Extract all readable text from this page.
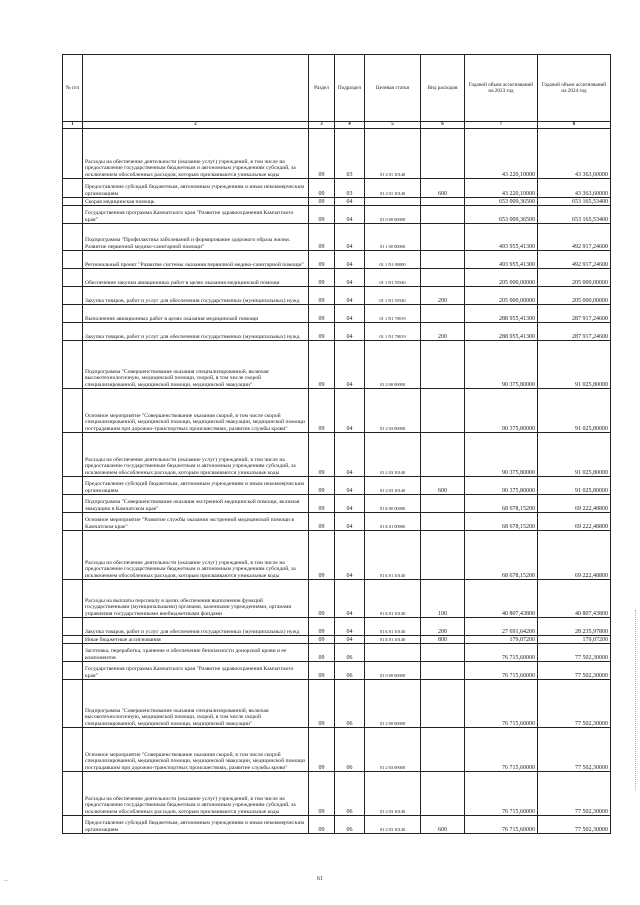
№ п/п		Раздел	Подраздел	Целевая статья	Вид расходов	Годовой объем ассигнований на 2023 год	Годовой объем ассигнований на 2024 год
1	2	3	4	5	6	7	8
	Расходы на обеспечение деятельности (оказание услуг) учреждений, в том числе на предоставление государственным бюджетным и автономным учреждениям субсидий, за исключением обособленных расходов, которым присваиваются уникальные коды	09	03	01 2 01 10140		43 220,10000	43 363,60000
	Предоставление субсидий бюджетным, автономным учреждениям и иным некоммерческим организациям	09	03	01 2 01 10140	600	43 220,10000	43 363,60000
	Скорая медицинская помощь	09	04			653 009,36500	653 165,53400
	Государственная программа Камчатского края "Развитие здравоохранения Камчатского края"	09	04	01 0 00 00000		653 009,36500	653 165,53400
	Подпрограмма "Профилактика заболеваний и формирование здорового образа жизни. Развитие первичной медико-санитарной помощи"	09	04	01 1 00 00000		493 955,41300	492 917,24600
	Региональный проект "Развитие системы оказания первичной медико-санитарной помощи"	09	04	01 1 N1 00000		493 955,41300	492 917,24600
	Обеспечение закупки авиационных работ в целях оказания медицинской помощи	09	04	01 1 N1 55540		205 000,00000	205 000,00000
	Закупка товаров, работ и услуг для обеспечения государственных (муниципальных) нужд	09	04	01 1 N1 55540	200	205 000,00000	205 000,00000
	Выполнение авиационных работ в целях оказания медицинской помощи	09	04	01 1 N1 70019		288 955,41300	287 917,24600
	Закупка товаров, работ и услуг для обеспечения государственных (муниципальных) нужд	09	04	01 1 N1 70019	200	288 955,41300	287 917,24600
	Подпрограмма "Совершенствование оказания специализированной, включая высокотехнологичную, медицинской помощи, скорой, в том числе скорой специализированной, медицинской помощи, медицинской эвакуации"	09	04	01 2 00 00000		90 375,80000	91 025,80000
	Основное мероприятие "Совершенствование оказания скорой, в том числе скорой специализированной, медицинской помощи, медицинской эвакуации, медицинской помощи пострадавшим при дорожно-транспортных происшествиях, развитие службы крови"	09	04	01 2 03 00000		90 375,80000	91 025,80000
	Расходы на обеспечение деятельности (оказание услуг) учреждений, в том числе на предоставление государственным бюджетным и автономным учреждениям субсидий, за исключением обособленных расходов, которым присваиваются уникальные коды	09	04	01 2 03 10140		90 375,80000	91 025,80000
	Предоставление субсидий бюджетным, автономным учреждениям и иным некоммерческим организациям	09	04	01 2 03 10140	600	90 375,80000	91 025,80000
	Подпрограмма "Совершенствование оказания экстренной медицинской помощи, включая эвакуацию в Камчатском крае"	09	04	01 Б 00 00000		68 678,15200	69 222,48800
	Основное мероприятие "Развитие службы оказания экстренной медицинской помощи в Камчатском крае"	09	04	01 Б 01 00000		68 678,15200	69 222,48800
	Расходы на обеспечение деятельности (оказание услуг) учреждений, в том числе на предоставление государственным бюджетным и автономным учреждениям субсидий, за исключением обособленных расходов, которым присваиваются уникальные коды	09	04	01 Б 01 10140		68 678,15200	69 222,48800
	Расходы на выплаты персоналу в целях обеспечения выполнения функций государственными (муниципальными) органами, казенными учреждениями, органами управления государственными внебюджетными фондами	09	04	01 Б 01 10140	100	40 807,43800	40 807,43800
	Закупка товаров, работ и услуг для обеспечения государственных (муниципальных) нужд	09	04	01 Б 01 10140	200	27 691,64200	28 235,97800
	Иные бюджетные ассигнования	09	04	01 Б 01 10140	800	179,07200	179,07200
	Заготовка, переработка, хранение и обеспечение безопасности донорской крови и ее компонентов	09	06			76 715,60000	77 502,30000
	Государственная программа Камчатского края "Развитие здравоохранения Камчатского края"	09	06	01 0 00 00000		76 715,60000	77 502,30000
	Подпрограмма "Совершенствование оказания специализированной, включая высокотехнологичную, медицинской помощи, скорой, в том числе скорой специализированной, медицинской помощи, медицинской эвакуации"	09	06	01 2 00 00000		76 715,60000	77 502,30000
	Основное мероприятие "Совершенствование оказания скорой, в том числе скорой специализированной, медицинской помощи, медицинской эвакуации, медицинской помощи пострадавшим при дорожно-транспортных происшествиях, развитие службы крови"	09	06	01 2 03 00000		76 715,60000	77 502,30000
	Расходы на обеспечение деятельности (оказание услуг) учреждений, в том числе на предоставление государственным бюджетным и автономным учреждениям субсидий, за исключением обособленных расходов, которым присваиваются уникальные коды	09	06	01 2 03 10140		76 715,60000	77 502,30000
	Предоставление субсидий бюджетным, автономным учреждениям и иным некоммерческим организациям	09	06	01 2 03 10140	600	76 715,60000	77 502,30000
61
--
